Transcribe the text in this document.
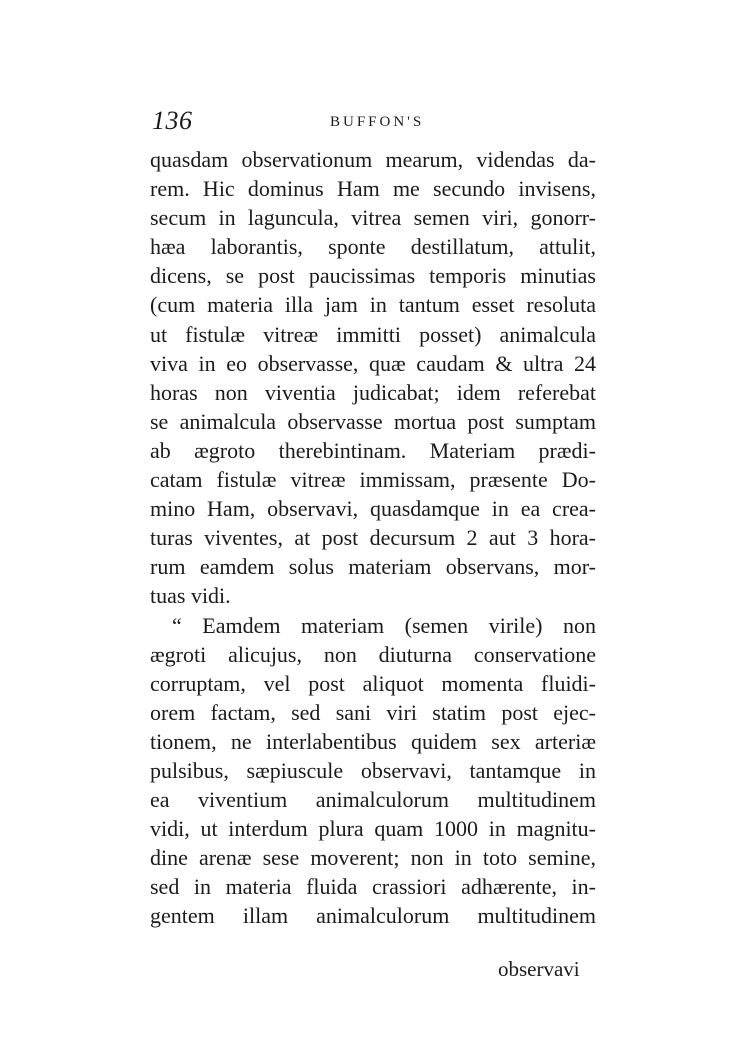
136	BUFFON'S
quasdam observationum mearum, videndas da-
rem. Hic dominus Ham me secundo invisens,
secum in laguncula, vitrea semen viri, gonorr-
hæa laborantis, sponte destillatum, attulit,
dicens, se post paucissimas temporis minutias
(cum materia illa jam in tantum esset resoluta
ut fistulæ vitreæ immitti posset) animalcula
viva in eo observasse, quæ caudam & ultra 24
horas non viventia judicabat; idem referebat
se animalcula observasse mortua post sumptam
ab ægroto therebintinam. Materiam prædi-
catam fistulæ vitreæ immissam, præsente Do-
mino Ham, observavi, quasdamque in ea crea-
turas viventes, at post decursum 2 aut 3 hora-
rum eamdem solus materiam observans, mor-
tuas vidi.
“ Eamdem materiam (semen virile) non
ægroti alicujus, non diuturna conservatione
corruptam, vel post aliquot momenta fluidi-
orem factam, sed sani viri statim post ejec-
tionem, ne interlabentibus quidem sex arteriæ
pulsibus, sæpiuscule observavi, tantamque in
ea viventium animalculorum multitudinem
vidi, ut interdum plura quam 1000 in magnitu-
dine arenæ sese moverent; non in toto semine,
sed in materia fluida crassiori adhærente, in-
gentem illam animalculorum multitudinem
observavi
